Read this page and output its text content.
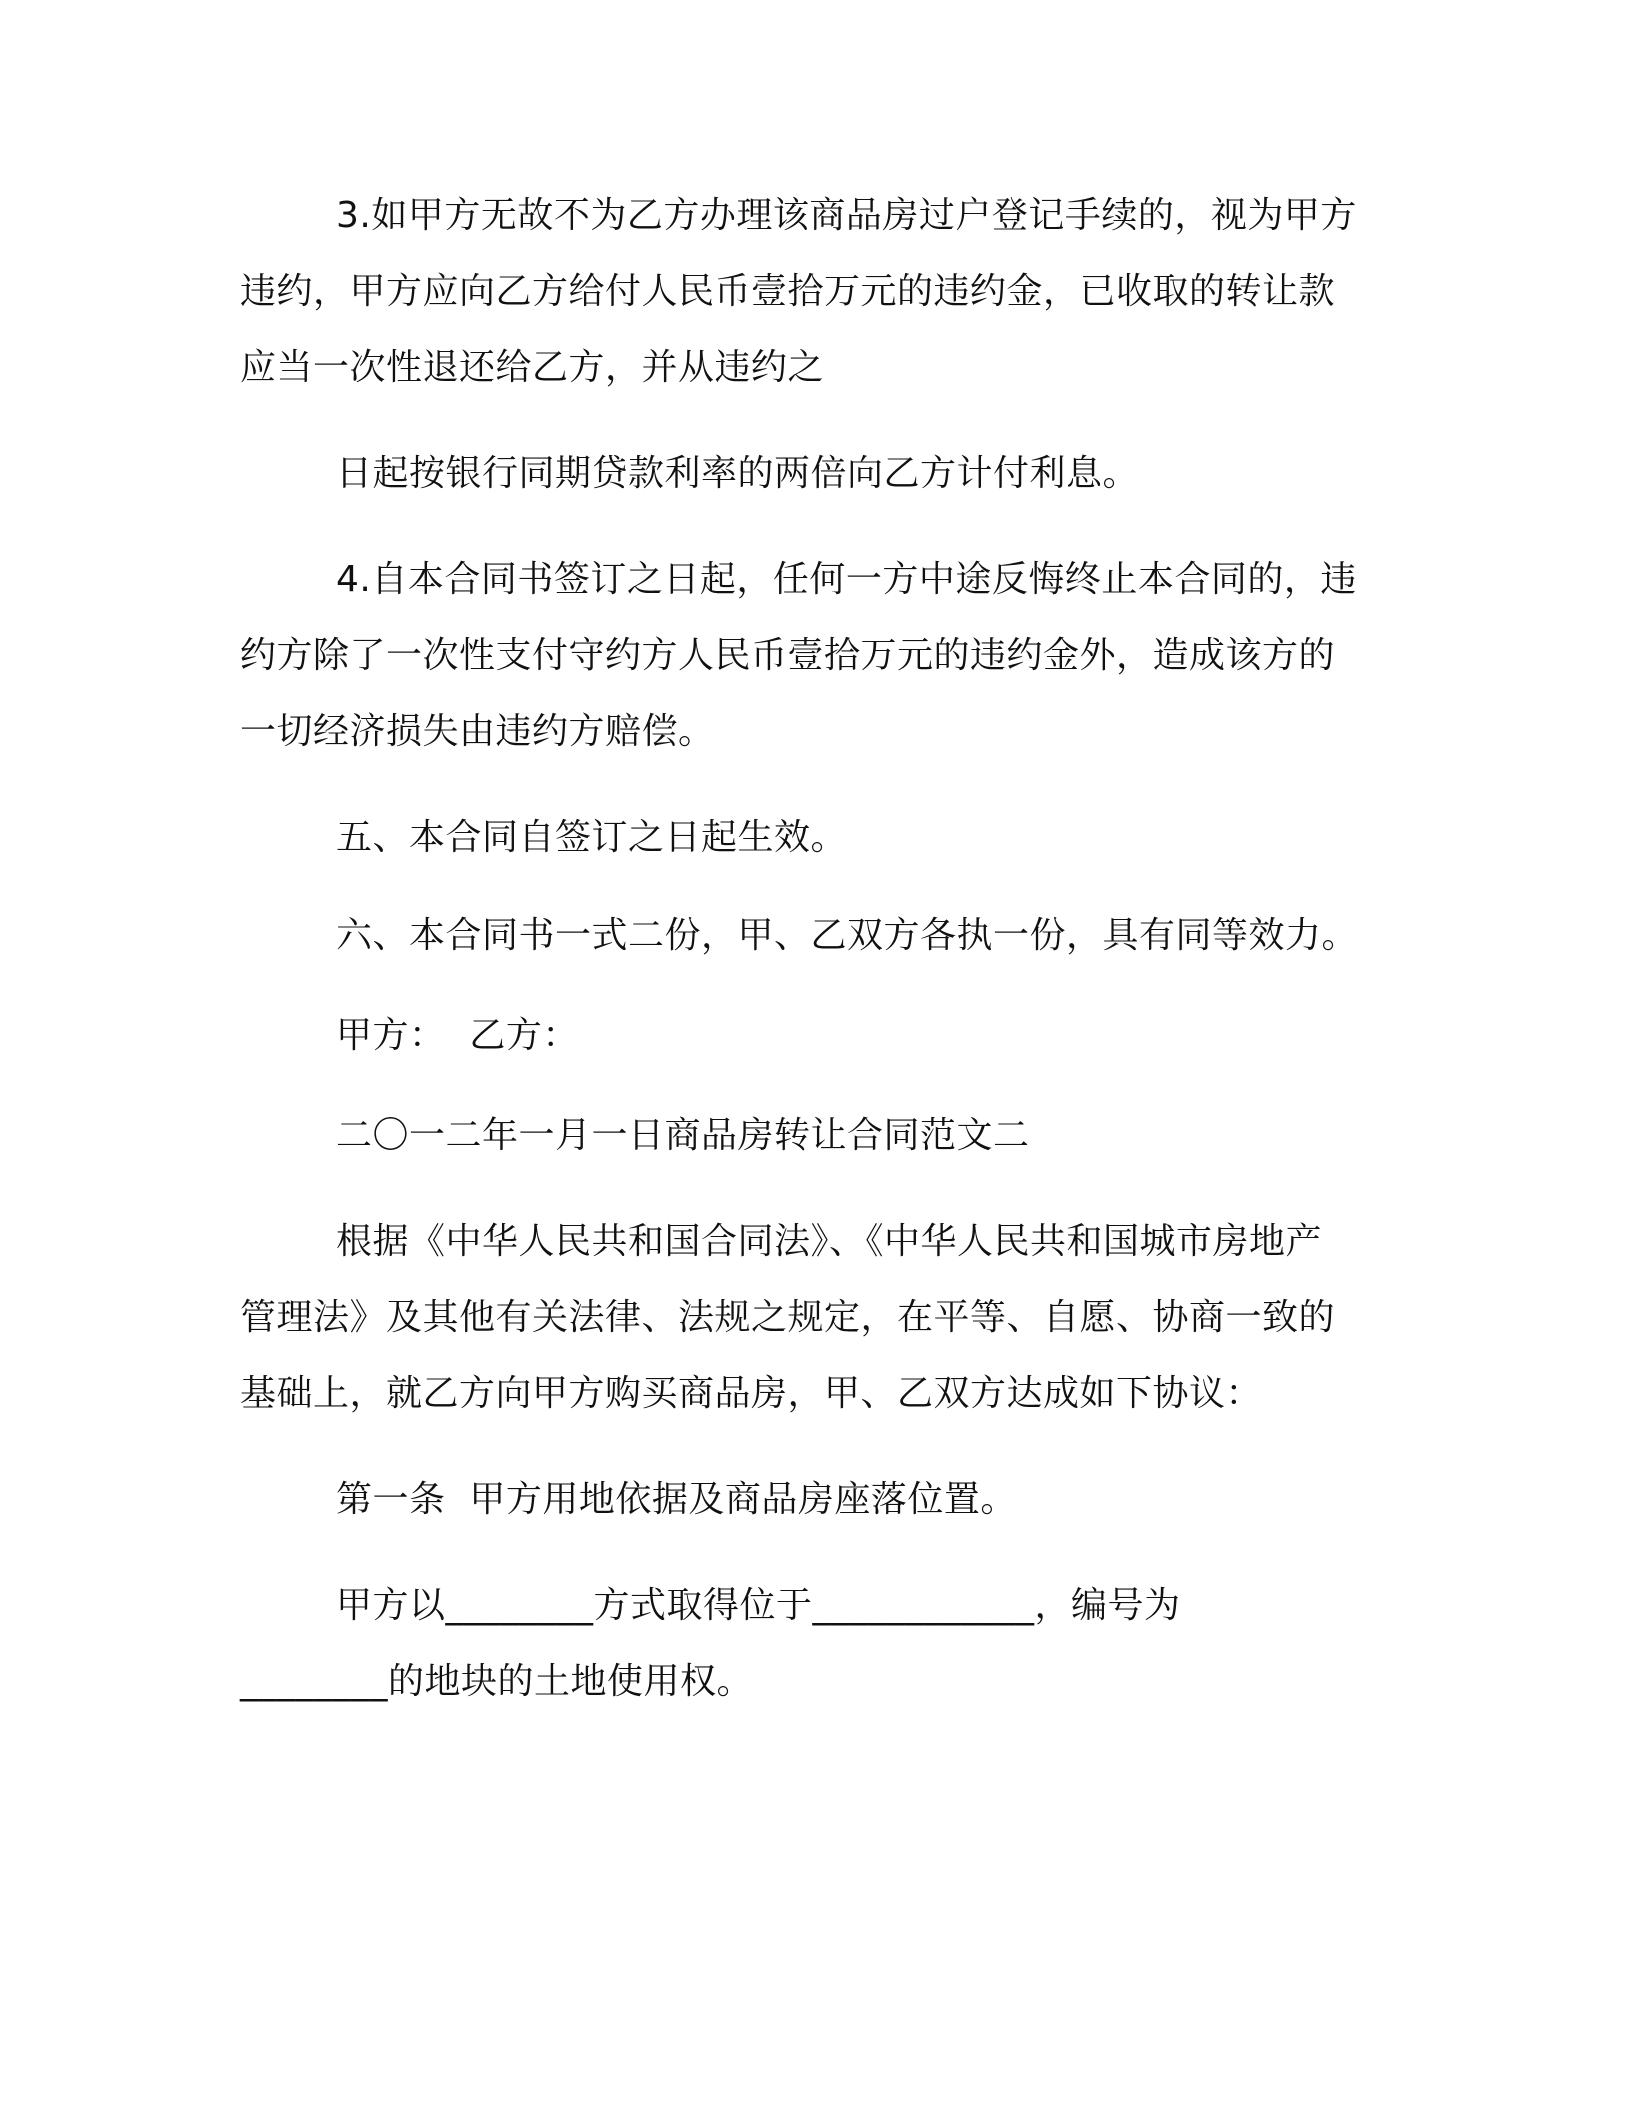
3.如甲方无故不为乙方办理该商品房过户登记手续的，视为甲方
违约，甲方应向乙方给付人民币壹拾万元的违约金，已收取的转让款
应当一次性退还给乙方，并从违约之
日起按银行同期贷款利率的两倍向乙方计付利息。
4.自本合同书签订之日起，任何一方中途反悔终止本合同的，违
约方除了一次性支付守约方人民币壹拾万元的违约金外，造成该方的
一切经济损失由违约方赔偿。
五、本合同自签订之日起生效。
六、本合同书一式二份，甲、乙双方各执一份，具有同等效力。
甲方：  乙方：
二〇一二年一月一日商品房转让合同范文二
根据《中华人民共和国合同法》、《中华人民共和国城市房地产
管理法》及其他有关法律、法规之规定，在平等、自愿、协商一致的
基础上，就乙方向甲方购买商品房，甲、乙双方达成如下协议：
第一条  甲方用地依据及商品房座落位置。
甲方以________方式取得位于____________，编号为
________的地块的土地使用权。
